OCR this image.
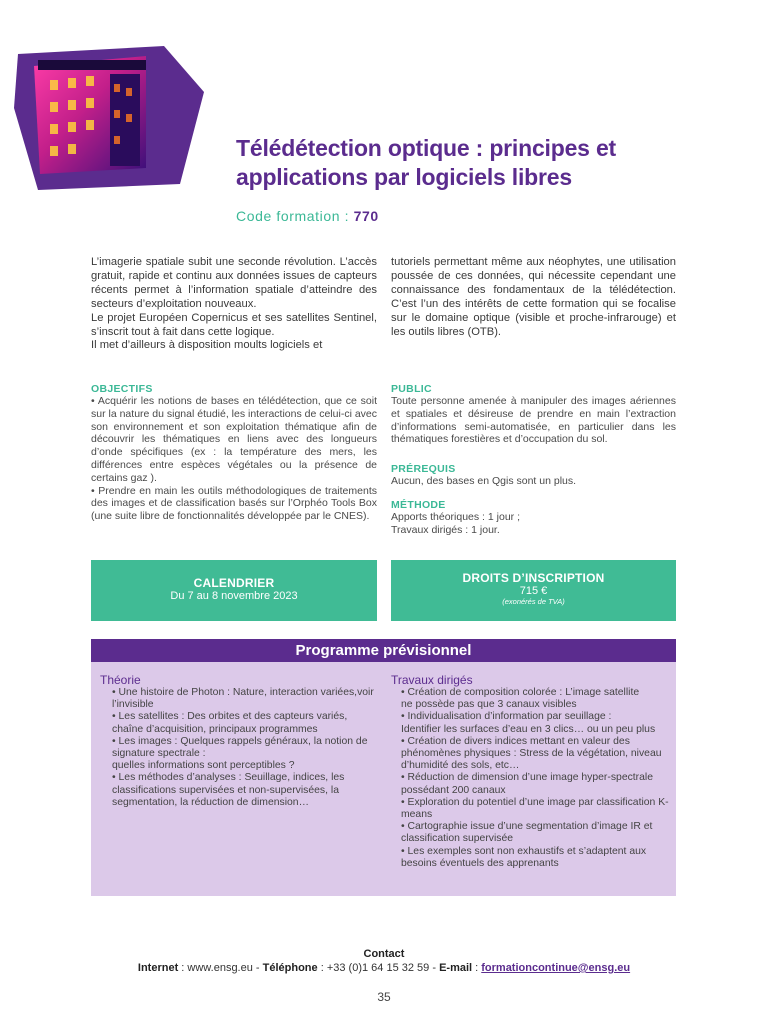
Télédétection optique : principes et applications par logiciels libres
Code formation : 770

L’imagerie spatiale subit une seconde révolution. L’accès gratuit, rapide et continu aux données issues de capteurs récents permet à l’information spatiale d’atteindre des secteurs d’exploitation nouveaux.

Le projet Européen Copernicus et ses satellites Sentinel, s’inscrit tout à fait dans cette logique.

Il met d’ailleurs à disposition moults logiciels et

tutoriels permettant même aux néophytes, une utilisation poussée de ces données, qui nécessite cependant une connaissance des fondamentaux de la télédétection. C’est l’un des intérêts de cette formation qui se focalise sur le domaine optique (visible et proche-infrarouge) et les outils libres (OTB).

OBJECTIFS

• Acquérir les notions de bases en télédétection, que ce soit sur la nature du signal étudié, les interactions de celui-ci avec son environnement et son exploitation thématique afin de découvrir les thématiques en liens avec des longueurs d’onde spécifiques (ex : la température des mers, les différences entre espèces végétales ou la présence de certains gaz ).

• Prendre en main les outils méthodologiques de traitements des images et de classification basés sur l’Orphéo Tools Box (une suite libre de fonctionnalités développée par le CNES).

PUBLIC

Toute personne amenée à manipuler des images aériennes et spatiales et désireuse de prendre en main l’extraction d’informations semi-automatisée, en particulier dans les thématiques forestières et d’occupation du sol.

PRÉREQUIS

Aucun, des bases en Qgis sont un plus.

MÉTHODE

Apports théoriques : 1 jour ;

Travaux dirigés : 1 jour.

CALENDRIER
Du 7 au 8 novembre 2023
DROITS D’INSCRIPTION
715 €
(exonérés de TVA)
Programme prévisionnel

Théorie

• Une histoire de Photon : Nature, interaction variées,voir l’invisible
• Les satellites : Des orbites et des capteurs variés, chaîne d’acquisition, principaux programmes
• Les images : Quelques rappels généraux, la notion de signature spectrale :
quelles informations sont perceptibles ?
• Les méthodes d’analyses : Seuillage, indices, les classifications supervisées et non-supervisées, la segmentation, la réduction de dimension…

Travaux dirigés

• Création de composition colorée : L’image satellite
ne possède pas que 3 canaux visibles
• Individualisation d’information par seuillage :
Identifier les surfaces d’eau en 3 clics… ou un peu plus
• Création de divers indices mettant en valeur des phénomènes physiques : Stress de la végétation, niveau d’humidité des sols, etc…
• Réduction de dimension d’une image hyper-spectrale possédant 200 canaux
• Exploration du potentiel d’une image par classification K-means
• Cartographie issue d’une segmentation d’image IR et classification supervisée
• Les exemples sont non exhaustifs et s’adaptent aux besoins éventuels des apprenants
Contact
Internet : www.ensg.eu - Téléphone : +33 (0)1 64 15 32 59 - E-mail : formationcontinue@ensg.eu
35
